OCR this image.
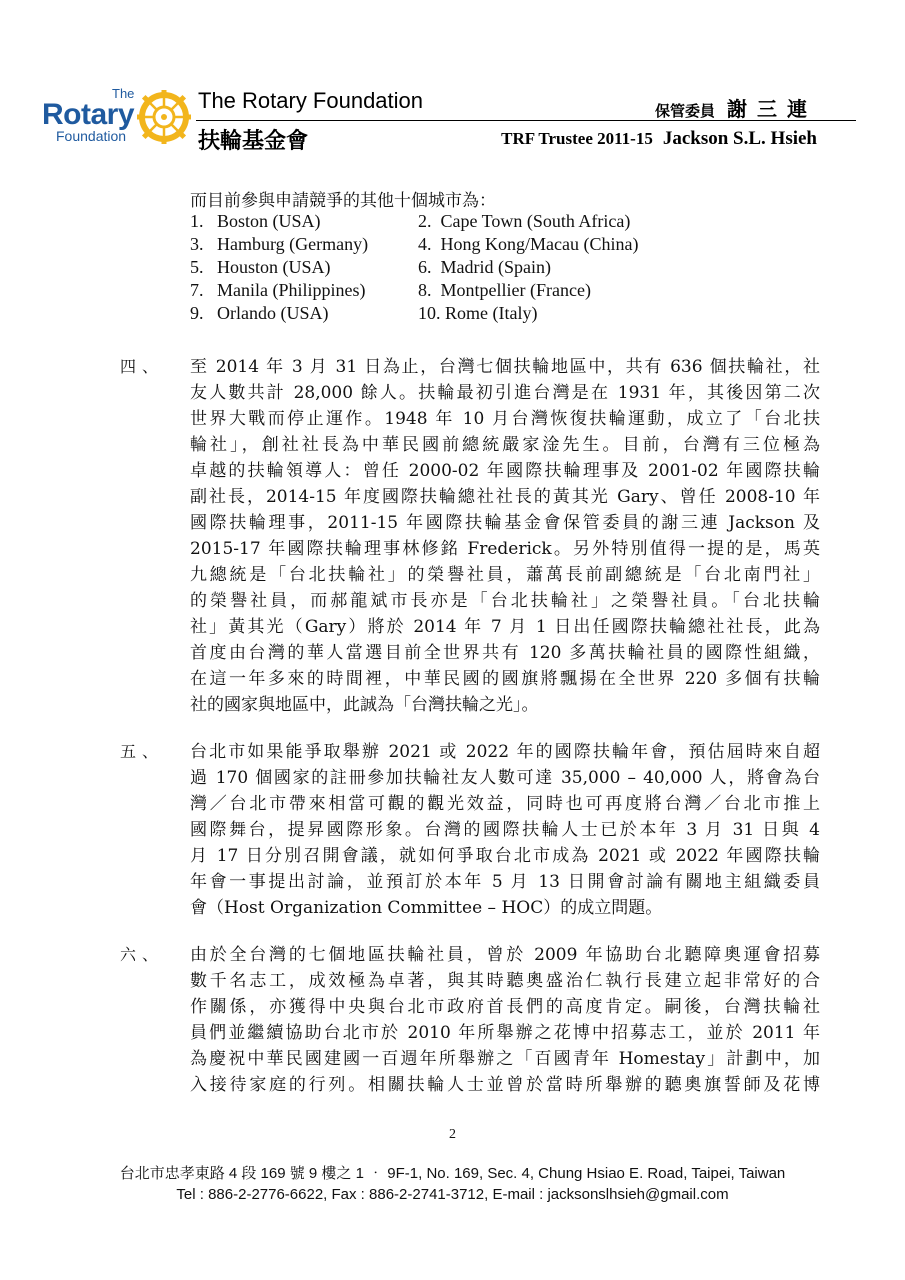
The
Rotary
Foundation
The Rotary Foundation
扶輪基金會
保管委員 謝三連
TRF Trustee 2011-15 Jackson S.L. Hsieh
而目前參與申請競爭的其他十個城市為：
1.   Boston (USA)	2.  Cape Town (South Africa)
3.   Hamburg (Germany)	4.  Hong Kong/Macau (China)
5.   Houston (USA)	6.  Madrid (Spain)
7.   Manila (Philippines)	8.  Montpellier (France)
9.   Orlando (USA)	10. Rome (Italy)
四、 至 2014 年 3 月 31 日為止，台灣七個扶輪地區中，共有 636 個扶輪社，社
友人數共計 28,000 餘人。扶輪最初引進台灣是在 1931 年，其後因第二次
世界大戰而停止運作。1948 年 10 月台灣恢復扶輪運動，成立了「台北扶
輪社」，創社社長為中華民國前總統嚴家淦先生。目前，台灣有三位極為
卓越的扶輪領導人：曾任 2000-02 年國際扶輪理事及 2001-02 年國際扶輪
副社長，2014-15 年度國際扶輪總社社長的黃其光 Gary、曾任 2008-10 年
國際扶輪理事，2011-15 年國際扶輪基金會保管委員的謝三連 Jackson 及
2015-17 年國際扶輪理事林修銘 Frederick。另外特別值得一提的是，馬英
九總統是「台北扶輪社」的榮譽社員，蕭萬長前副總統是「台北南門社」
的榮譽社員，而郝龍斌市長亦是「台北扶輪社」之榮譽社員。「台北扶輪
社」黃其光（Gary）將於 2014 年 7 月 1 日出任國際扶輪總社社長，此為
首度由台灣的華人當選目前全世界共有 120 多萬扶輪社員的國際性組織，
在這一年多來的時間裡，中華民國的國旗將飄揚在全世界 220 多個有扶輪
社的國家與地區中，此誠為「台灣扶輪之光」。
五、 台北市如果能爭取舉辦 2021 或 2022 年的國際扶輪年會，預估屆時來自超
過 170 個國家的註冊參加扶輪社友人數可達 35,000 – 40,000 人，將會為台
灣／台北市帶來相當可觀的觀光效益，同時也可再度將台灣／台北市推上
國際舞台，提昇國際形象。台灣的國際扶輪人士已於本年 3 月 31 日與 4
月 17 日分別召開會議，就如何爭取台北市成為 2021 或 2022 年國際扶輪
年會一事提出討論，並預訂於本年 5 月 13 日開會討論有關地主組織委員
會（Host Organization Committee – HOC）的成立問題。
六、 由於全台灣的七個地區扶輪社員，曾於 2009 年協助台北聽障奧運會招募
數千名志工，成效極為卓著，與其時聽奧盛治仁執行長建立起非常好的合
作關係，亦獲得中央與台北市政府首長們的高度肯定。嗣後，台灣扶輪社
員們並繼續協助台北市於 2010 年所舉辦之花博中招募志工，並於 2011 年
為慶祝中華民國建國一百週年所舉辦之「百國青年 Homestay」計劃中，加
入接待家庭的行列。相關扶輪人士並曾於當時所舉辦的聽奧旗誓師及花博
2
台北市忠孝東路 4 段 169 號 9 樓之 1 ‧ 9F-1, No. 169, Sec. 4, Chung Hsiao E. Road, Taipei, Taiwan
Tel : 886-2-2776-6622, Fax : 886-2-2741-3712, E-mail : jacksonslhsieh@gmail.com
